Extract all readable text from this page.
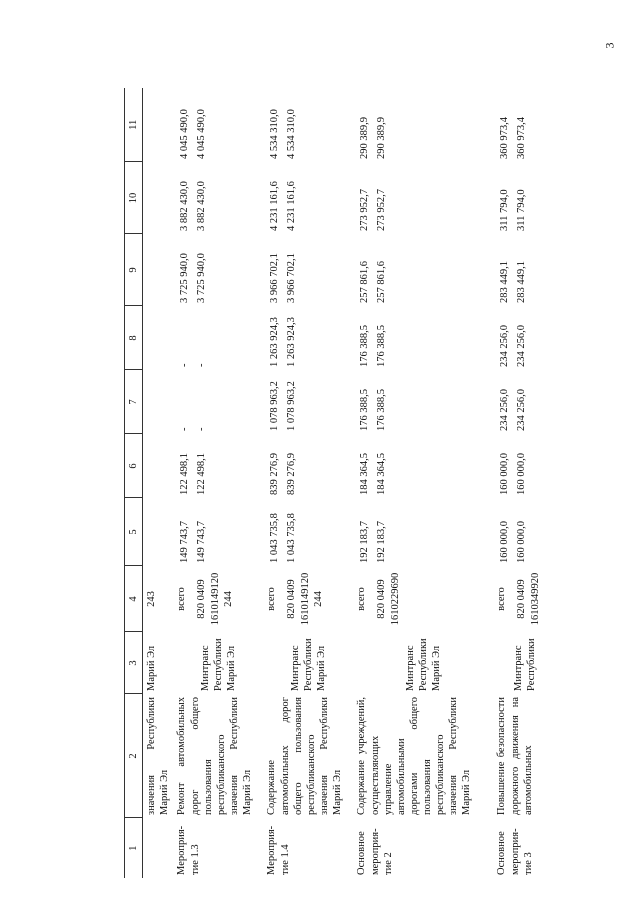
3
1	2	3	4	5	6	7	8	9	10	11
	значения Республики Марий Эл	Марий Эл	243							

Мероприя-тие 1.3	Ремонт автомобильных дорог общего пользования республиканского значения Республики Марий Эл	Минтранс Республики Марий Эл	всего	149 743,7	122 498,1	-	-	3 725 940,0	3 882 430,0	4 045 490,0

			820 0409 1610149120 244	149 743,7	122 498,1	-	-	3 725 940,0	3 882 430,0	4 045 490,0
Мероприя-тие 1.4	Содержание автомобильных дорог общего пользования республиканского значения Республики Марий Эл	Минтранс Республики Марий Эл	всего	1 043 735,8	839 276,9	1 078 963,2	1 263 924,3	3 966 702,1	4 231 161,6	4 534 310,0

			820 0409 1610149120 244	1 043 735,8	839 276,9	1 078 963,2	1 263 924,3	3 966 702,1	4 231 161,6	4 534 310,0
Основное мероприя-тие 2	Содержание учреждений, осуществляющих управление автомобильными дорогами общего пользования республиканского значения Республики Марий Эл	Минтранс Республики Марий Эл	всего	192 183,7	184 364,5	176 388,5	176 388,5	257 861,6	273 952,7	290 389,9

			820 0409 1610229690	192 183,7	184 364,5	176 388,5	176 388,5	257 861,6	273 952,7	290 389,9
Основное мероприя-тие 3	Повышение безопасности дорожного движения на автомобильных	Минтранс Республики	всего	160 000,0	160 000,0	234 256,0	234 256,0	283 449,1	311 794,0	360 973,4

			820 0409 1610349920	160 000,0	160 000,0	234 256,0	234 256,0	283 449,1	311 794,0	360 973,4
